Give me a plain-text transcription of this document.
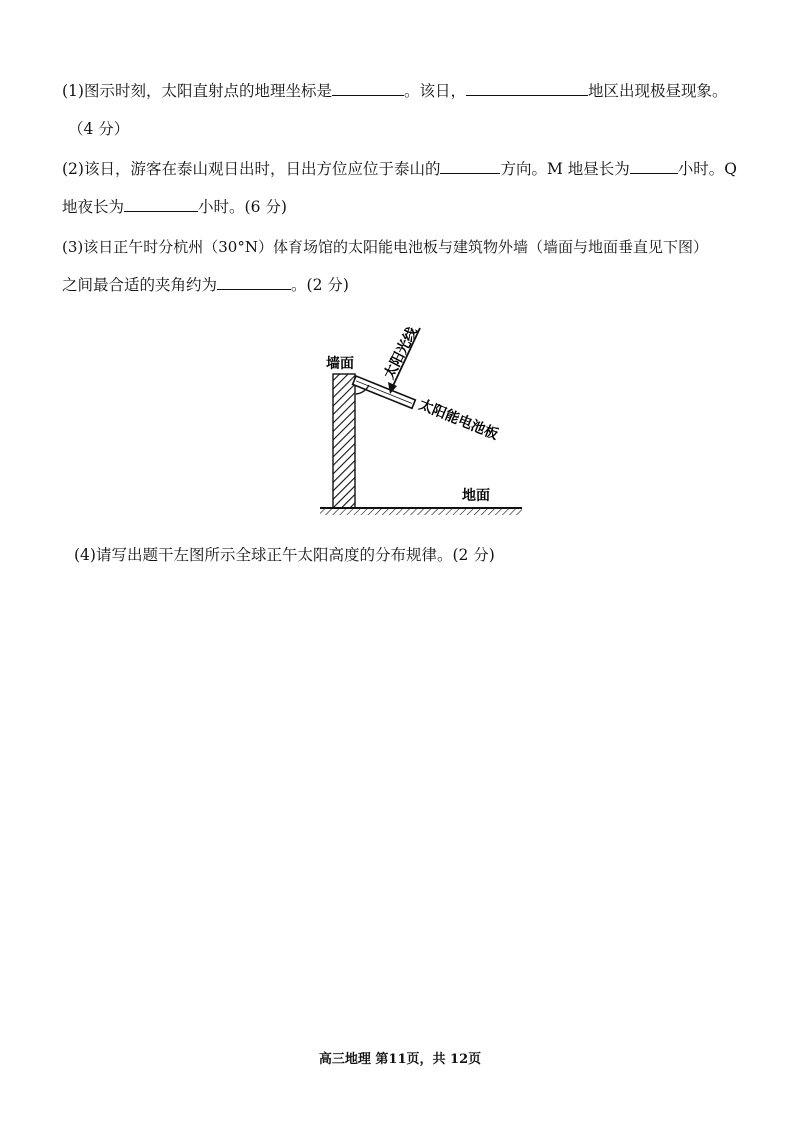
(1)图示时刻，太阳直射点的地理坐标是	。该日，	地区出现极昼现象。
（4 分）
(2)该日，游客在泰山观日出时，日出方位应位于泰山的	方向。M 地昼长为	小时。Q
地夜长为	小时。(6 分)
(3)该日正午时分杭州（30°N）体育场馆的太阳能电池板与建筑物外墙（墙面与地面垂直见下图）
之间最合适的夹角约为	。(2 分)
墙面 太阳光线
太阳能电池板
地面
(4)请写出题干左图所示全球正午太阳高度的分布规律。(2 分)
高三地理 第11页，共 12页
